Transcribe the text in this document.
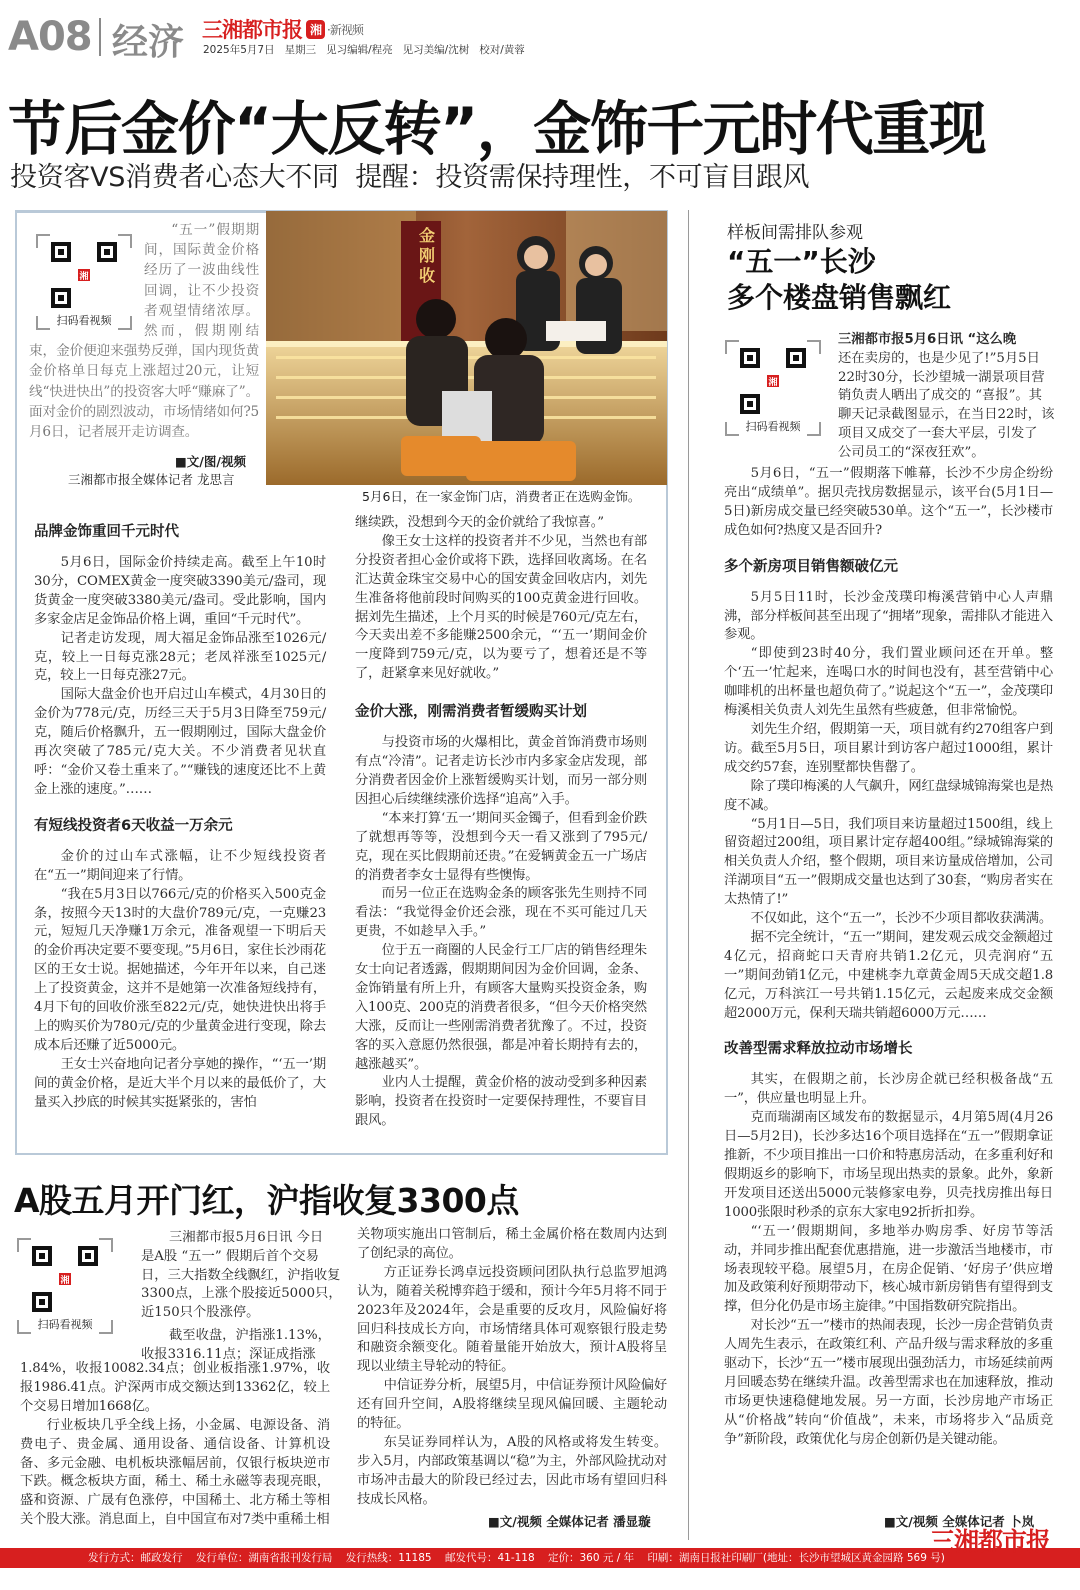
A08 经济 三湘都市报 湘 ·新视频
2025年5月7日   星期三   见习编辑/程亮   见习美编/沈树   校对/黄蓉
节后金价“大反转”，金饰千元时代重现
投资客VS消费者心态大不同  提醒：投资需保持理性，不可盲目跟风
湘
扫码看视频

“五一”假期期间，国际黄金价格经历了一波曲线性回调，让不少投资者观望情绪浓厚。然而，假期刚结束，金价便迎来强势反弹，国内现货黄金价格单日每克上涨超过20元，让短线“快进快出”的投资客大呼“赚麻了”。面对金价的剧烈波动，市场情绪如何?5月6日，记者展开走访调查。

■文/图/视频
三湘都市报全媒体记者 龙思言
金刚收
5月6日，在一家金饰门店，消费者正在选购金饰。
品牌金饰重回千元时代

5月6日，国际金价持续走高。截至上午10时30分，COMEX黄金一度突破3390美元/盎司，现货黄金一度突破3380美元/盎司。受此影响，国内多家金店足金饰品价格上调，重回“千元时代”。

记者走访发现，周大福足金饰品涨至1026元/克，较上一日每克涨28元；老凤祥涨至1025元/克，较上一日每克涨27元。

国际大盘金价也开启过山车模式，4月30日的金价为778元/克，历经三天于5月3日降至759元/克，随后价格飘升，五一假期刚过，国际大盘金价再次突破了785元/克大关。不少消费者见状直呼：“金价又卷土重来了。”“赚钱的速度还比不上黄金上涨的速度。”……

有短线投资者6天收益一万余元

金价的过山车式涨幅，让不少短线投资者在“五一”期间迎来了行情。

“我在5月3日以766元/克的价格买入500克金条，按照今天13时的大盘价789元/克，一克赚23元，短短几天净赚1万余元，准备观望一下明后天的金价再决定要不要变现。”5月6日，家住长沙雨花区的王女士说。据她描述，今年开年以来，自己迷上了投资黄金，这并不是她第一次准备短线持有，4月下旬的回收价涨至822元/克，她快进快出将手上的购买价为780元/克的少量黄金进行变现，除去成本后还赚了近5000元。

王女士兴奋地向记者分享她的操作，“‘五一’期间的黄金价格，是近大半个月以来的最低价了，大量买入抄底的时候其实挺紧张的，害怕

继续跌，没想到今天的金价就给了我惊喜。”

像王女士这样的投资者并不少见，当然也有部分投资者担心金价或将下跌，选择回收离场。在名汇达黄金珠宝交易中心的国安黄金回收店内，刘先生准备将他前段时间购买的100克黄金进行回收。据刘先生描述，上个月买的时候是760元/克左右，今天卖出差不多能赚2500余元，“‘五一’期间金价一度降到759元/克，以为要亏了，想着还是不等了，赶紧拿来见好就收。”

金价大涨，刚需消费者暂缓购买计划

与投资市场的火爆相比，黄金首饰消费市场则有点“冷清”。记者走访长沙市内多家金店发现，部分消费者因金价上涨暂缓购买计划，而另一部分则因担心后续继续涨价选择“追高”入手。

“本来打算‘五一’期间买金镯子，但看到金价跌了就想再等等，没想到今天一看又涨到了795元/克，现在买比假期前还贵。”在爱辆黄金五一广场店的消费者李女士显得有些懊悔。

而另一位正在选购金条的顾客张先生则持不同看法：“我觉得金价还会涨，现在不买可能过几天更贵，不如趁早入手。”

位于五一商圈的人民金行工厂店的销售经理朱女士向记者透露，假期期间因为金价回调，金条、金饰销量有所上升，有顾客大量购买投资金条，购入100克、200克的消费者很多，“但今天价格突然大涨，反而让一些刚需消费者犹豫了。不过，投资客的买入意愿仍然很强，都是冲着长期持有去的，越涨越买”。

业内人士提醒，黄金价格的波动受到多种因素影响，投资者在投资时一定要保持理性，不要盲目跟风。

样板间需排队参观
“五一”长沙
多个楼盘销售飘红
湘
扫码看视频
三湘都市报5月6日讯 “这么晚
还在卖房的，也是少见了!”5月5日
22时30分，长沙望城一湖景项目营
销负责人晒出了成交的 “喜报”。其
聊天记录截图显示，在当日22时，该
项目又成交了一套大平层，引发了
公司员工的“深夜狂欢”。

5月6日，“五一”假期落下帷幕，长沙不少房企纷纷亮出“成绩单”。据贝壳找房数据显示，该平台(5月1日—5日)新房成交量已经突破530单。这个“五一”，长沙楼市成色如何?热度又是否回升?

多个新房项目销售额破亿元

5月5日11时，长沙金茂璞印梅溪营销中心人声鼎沸，部分样板间甚至出现了“拥堵”现象，需排队才能进入参观。

“即使到23时40分，我们置业顾问还在开单。整个‘五一’忙起来，连喝口水的时间也没有，甚至营销中心咖啡机的出杯量也超负荷了。”说起这个“五一”，金茂璞印梅溪相关负责人刘先生虽然有些疲惫，但非常愉悦。

刘先生介绍，假期第一天，项目就有约270组客户到访。截至5月5日，项目累计到访客户超过1000组，累计成交约57套，连别墅都快售罄了。

除了璞印梅溪的人气飙升，网红盘绿城锦海棠也是热度不减。

“5月1日—5日，我们项目来访量超过1500组，线上留资超过200组，项目累计定存超400组。”绿城锦海棠的相关负责人介绍，整个假期，项目来访量成倍增加，公司洋湖项目“五一”假期成交量也达到了30套，“购房者实在太热情了!”

不仅如此，这个“五一”，长沙不少项目都收获满满。

据不完全统计，“五一”期间，建发观云成交金额超过4亿元，招商蛇口天青府共销1.2亿元，贝壳润府“五一”期间劲销1亿元，中建桃李九章黄金周5天成交超1.8亿元，万科滨江一号共销1.15亿元，云起废来成交金额超2000万元，保利天瑞共销超6000万元……

改善型需求释放拉动市场增长

其实，在假期之前，长沙房企就已经积极备战“五一”，供应量也明显上升。

克而瑞湖南区域发布的数据显示，4月第5周(4月26日—5月2日)，长沙多达16个项目选择在“五一”假期拿证推新，不少项目推出一口价和特惠房活动，在多重利好和假期返乡的影响下，市场呈现出热卖的景象。此外，象新开发项目还送出5000元装修家电券，贝壳找房推出每日1000张限时秒杀的京东大家电92折折扣券。

“‘五一’假期期间，多地举办购房季、好房节等活动，并同步推出配套优惠措施，进一步激活当地楼市，市场表现较平稳。展望5月，在房企促销、‘好房子’供应增加及政策利好预期带动下，核心城市新房销售有望得到支撑，但分化仍是市场主旋律。”中国指数研究院指出。

对长沙“五一”楼市的热闹表现，长沙一房企营销负责人周先生表示，在政策红利、产品升级与需求释放的多重驱动下，长沙“五一”楼市展现出强劲活力，市场延续前两月回暖态势在继续升温。改善型需求也在加速释放，推动市场更快速稳健地发展。另一方面，长沙房地产市场正从“价格战”转向“价值战”，未来，市场将步入“品质竞争”新阶段，政策优化与房企创新仍是关键动能。

■文/视频 全媒体记者 卜岚
A股五月开门红，沪指收复3300点
湘
扫码看视频
三湘都市报5月6日讯 今日
是A股 “五一” 假期后首个交易
日，三大指数全线飘红，沪指收复
3300点，上涨个股接近5000只，
近150只个股涨停。
截至收盘，沪指涨1.13%，
收报3316.11点；深证成指涨

1.84%，收报10082.34点；创业板指涨1.97%，收报1986.41点。沪深两市成交额达到13362亿，较上个交易日增加1668亿。

行业板块几乎全线上扬，小金属、电源设备、消费电子、贵金属、通用设备、通信设备、计算机设备、多元金融、电机板块涨幅居前，仅银行板块逆市下跌。概念板块方面，稀土、稀土永磁等表现亮眼，盛和资源、广晟有色涨停，中国稀土、北方稀土等相关个股大涨。消息面上，自中国宣布对7类中重稀土相

关物项实施出口管制后，稀土金属价格在数周内达到了创纪录的高位。

方正证券长鸿卓远投资顾问团队执行总监罗旭鸿认为，随着关税博弈趋于缓和，预计今年5月将不同于2023年及2024年，会是重要的反攻月，风险偏好将回归科技成长方向，市场情绪具体可观察银行股走势和融资余额变化。随着量能开始放大，预计A股将呈现以业绩主导轮动的特征。

中信证券分析，展望5月，中信证券预计风险偏好还有回升空间，A股将继续呈现风偏回暖、主题轮动的特征。

东吴证券同样认为，A股的风格或将发生转变。步入5月，内部政策基调以“稳”为主，外部风险扰动对市场冲击最大的阶段已经过去，因此市场有望回归科技成长风格。

■文/视频 全媒体记者 潘显璇
发行方式：邮政发行    发行单位：湖南省报刊发行局    发行热线：11185    邮发代号：41-118    定价：360 元 / 年    印刷：湖南日报社印刷厂(地址：长沙市望城区黄金园路 569 号)
三湘都市报
